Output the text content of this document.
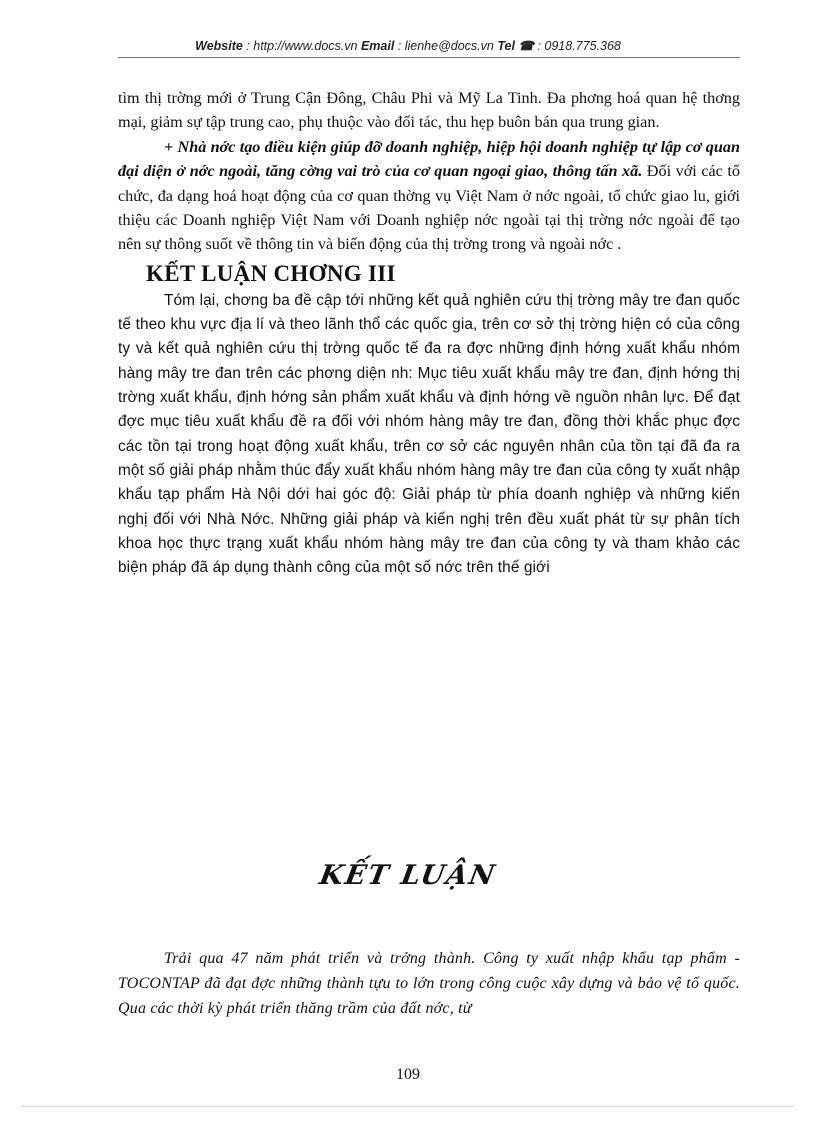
Website : http://www.docs.vn Email : lienhe@docs.vn Tel ☎ : 0918.775.368

tìm thị trờng mới ở Trung Cận Đông, Châu Phi và Mỹ La Tinh. Đa phơng hoá quan hệ thơng mại, giảm sự tập trung cao, phụ thuộc vào đối tác, thu hẹp buôn bán qua trung gian.

+ Nhà nớc tạo điều kiện giúp đỡ doanh nghiệp, hiệp hội doanh nghiệp tự lập cơ quan đại diện ở nớc ngoài, tăng cờng vai trò của cơ quan ngoại giao, thông tấn xã. Đối với các tổ chức, đa dạng hoá hoạt động của cơ quan thờng vụ Việt Nam ở nớc ngoài, tổ chức giao lu, giới thiệu các Doanh nghiệp Việt Nam với Doanh nghiệp nớc ngoài tại thị trờng nớc ngoài để tạo nên sự thông suốt về thông tin và biến động của thị trờng trong và ngoài nớc .

KẾT LUẬN CHƠNG III

Tóm lại, chơng ba đề cập tới những kết quả nghiên cứu thị trờng mây tre đan quốc tế theo khu vực địa lí và theo lãnh thổ các quốc gia, trên cơ sở thị trờng hiện có của công ty và kết quả nghiên cứu thị trờng quốc tế đa ra đợc những định hớng xuất khẩu nhóm hàng mây tre đan trên các phơng diện nh: Mục tiêu xuất khẩu mây tre đan, định hớng thị trờng xuất khẩu, định hớng sản phẩm xuất khẩu và định hớng về nguồn nhân lực. Để đạt đợc mục tiêu xuất khẩu đề ra đối với nhóm hàng mây tre đan, đồng thời khắc phục đợc các tồn tại trong hoạt động xuất khẩu, trên cơ sở các nguyên nhân của tồn tại đã đa ra một số giải pháp nhằm thúc đẩy xuất khẩu nhóm hàng mây tre đan của công ty xuất nhập khẩu tạp phẩm Hà Nội dới hai góc độ: Giải pháp từ phía doanh nghiệp và những kiến nghị đối với Nhà Nớc. Những giải pháp và kiến nghị trên đều xuất phát từ sự phân tích khoa học thực trạng xuất khẩu nhóm hàng mây tre đan của công ty và tham khảo các biện pháp đã áp dụng thành công của một số nớc trên thế giới

KẾT LUẬN

Trải qua 47 năm phát triển và trởng thành. Công ty xuất nhập khẩu tạp phẩm - TOCONTAP đã đạt đợc những thành tựu to lớn trong công cuộc xây dựng và bảo vệ tổ quốc. Qua các thời kỳ phát triển thăng trầm của đất nớc, từ

109
